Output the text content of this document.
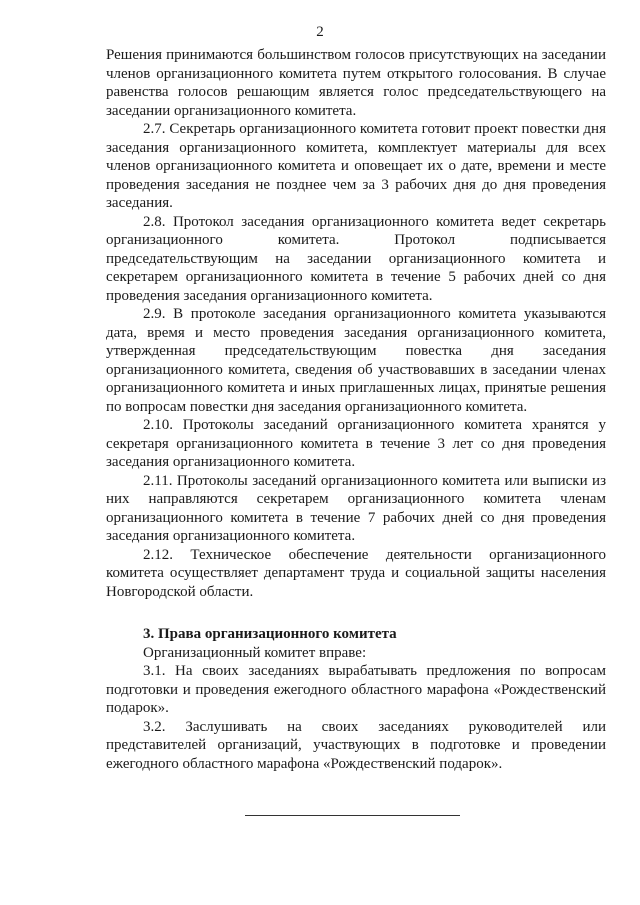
2

Решения принимаются большинством голосов присутствующих на заседании членов организационного комитета путем открытого голосования. В случае равенства голосов решающим является голос председательствующего на заседании организационного комитета.

2.7. Секретарь организационного комитета готовит проект повестки дня заседания организационного комитета, комплектует материалы для всех членов организационного комитета и оповещает их о дате, времени и месте проведения заседания не позднее чем за 3 рабочих дня до дня проведения заседания.

2.8. Протокол заседания организационного комитета ведет секретарь организационного комитета. Протокол подписывается председательствующим на заседании организационного комитета и секретарем организационного комитета в течение 5 рабочих дней со дня проведения заседания организационного комитета.

2.9. В протоколе заседания организационного комитета указываются дата, время и место проведения заседания организационного комитета, утвержденная председательствующим повестка дня заседания организационного комитета, сведения об участвовавших в заседании членах организационного комитета и иных приглашенных лицах, принятые решения по вопросам повестки дня заседания организационного комитета.

2.10. Протоколы заседаний организационного комитета хранятся у секретаря организационного комитета в течение 3 лет со дня проведения заседания организационного комитета.

2.11. Протоколы заседаний организационного комитета или выписки из них направляются секретарем организационного комитета членам организационного комитета в течение 7 рабочих дней со дня проведения заседания организационного комитета.

2.12. Техническое обеспечение деятельности организационного комитета осуществляет департамент труда и социальной защиты населения Новгородской области.

3. Права организационного комитета

Организационный комитет вправе:

3.1. На своих заседаниях вырабатывать предложения по вопросам подготовки и проведения ежегодного областного марафона «Рождественский подарок».

3.2. Заслушивать на своих заседаниях руководителей или представителей организаций, участвующих в подготовке и проведении ежегодного областного марафона «Рождественский подарок».
